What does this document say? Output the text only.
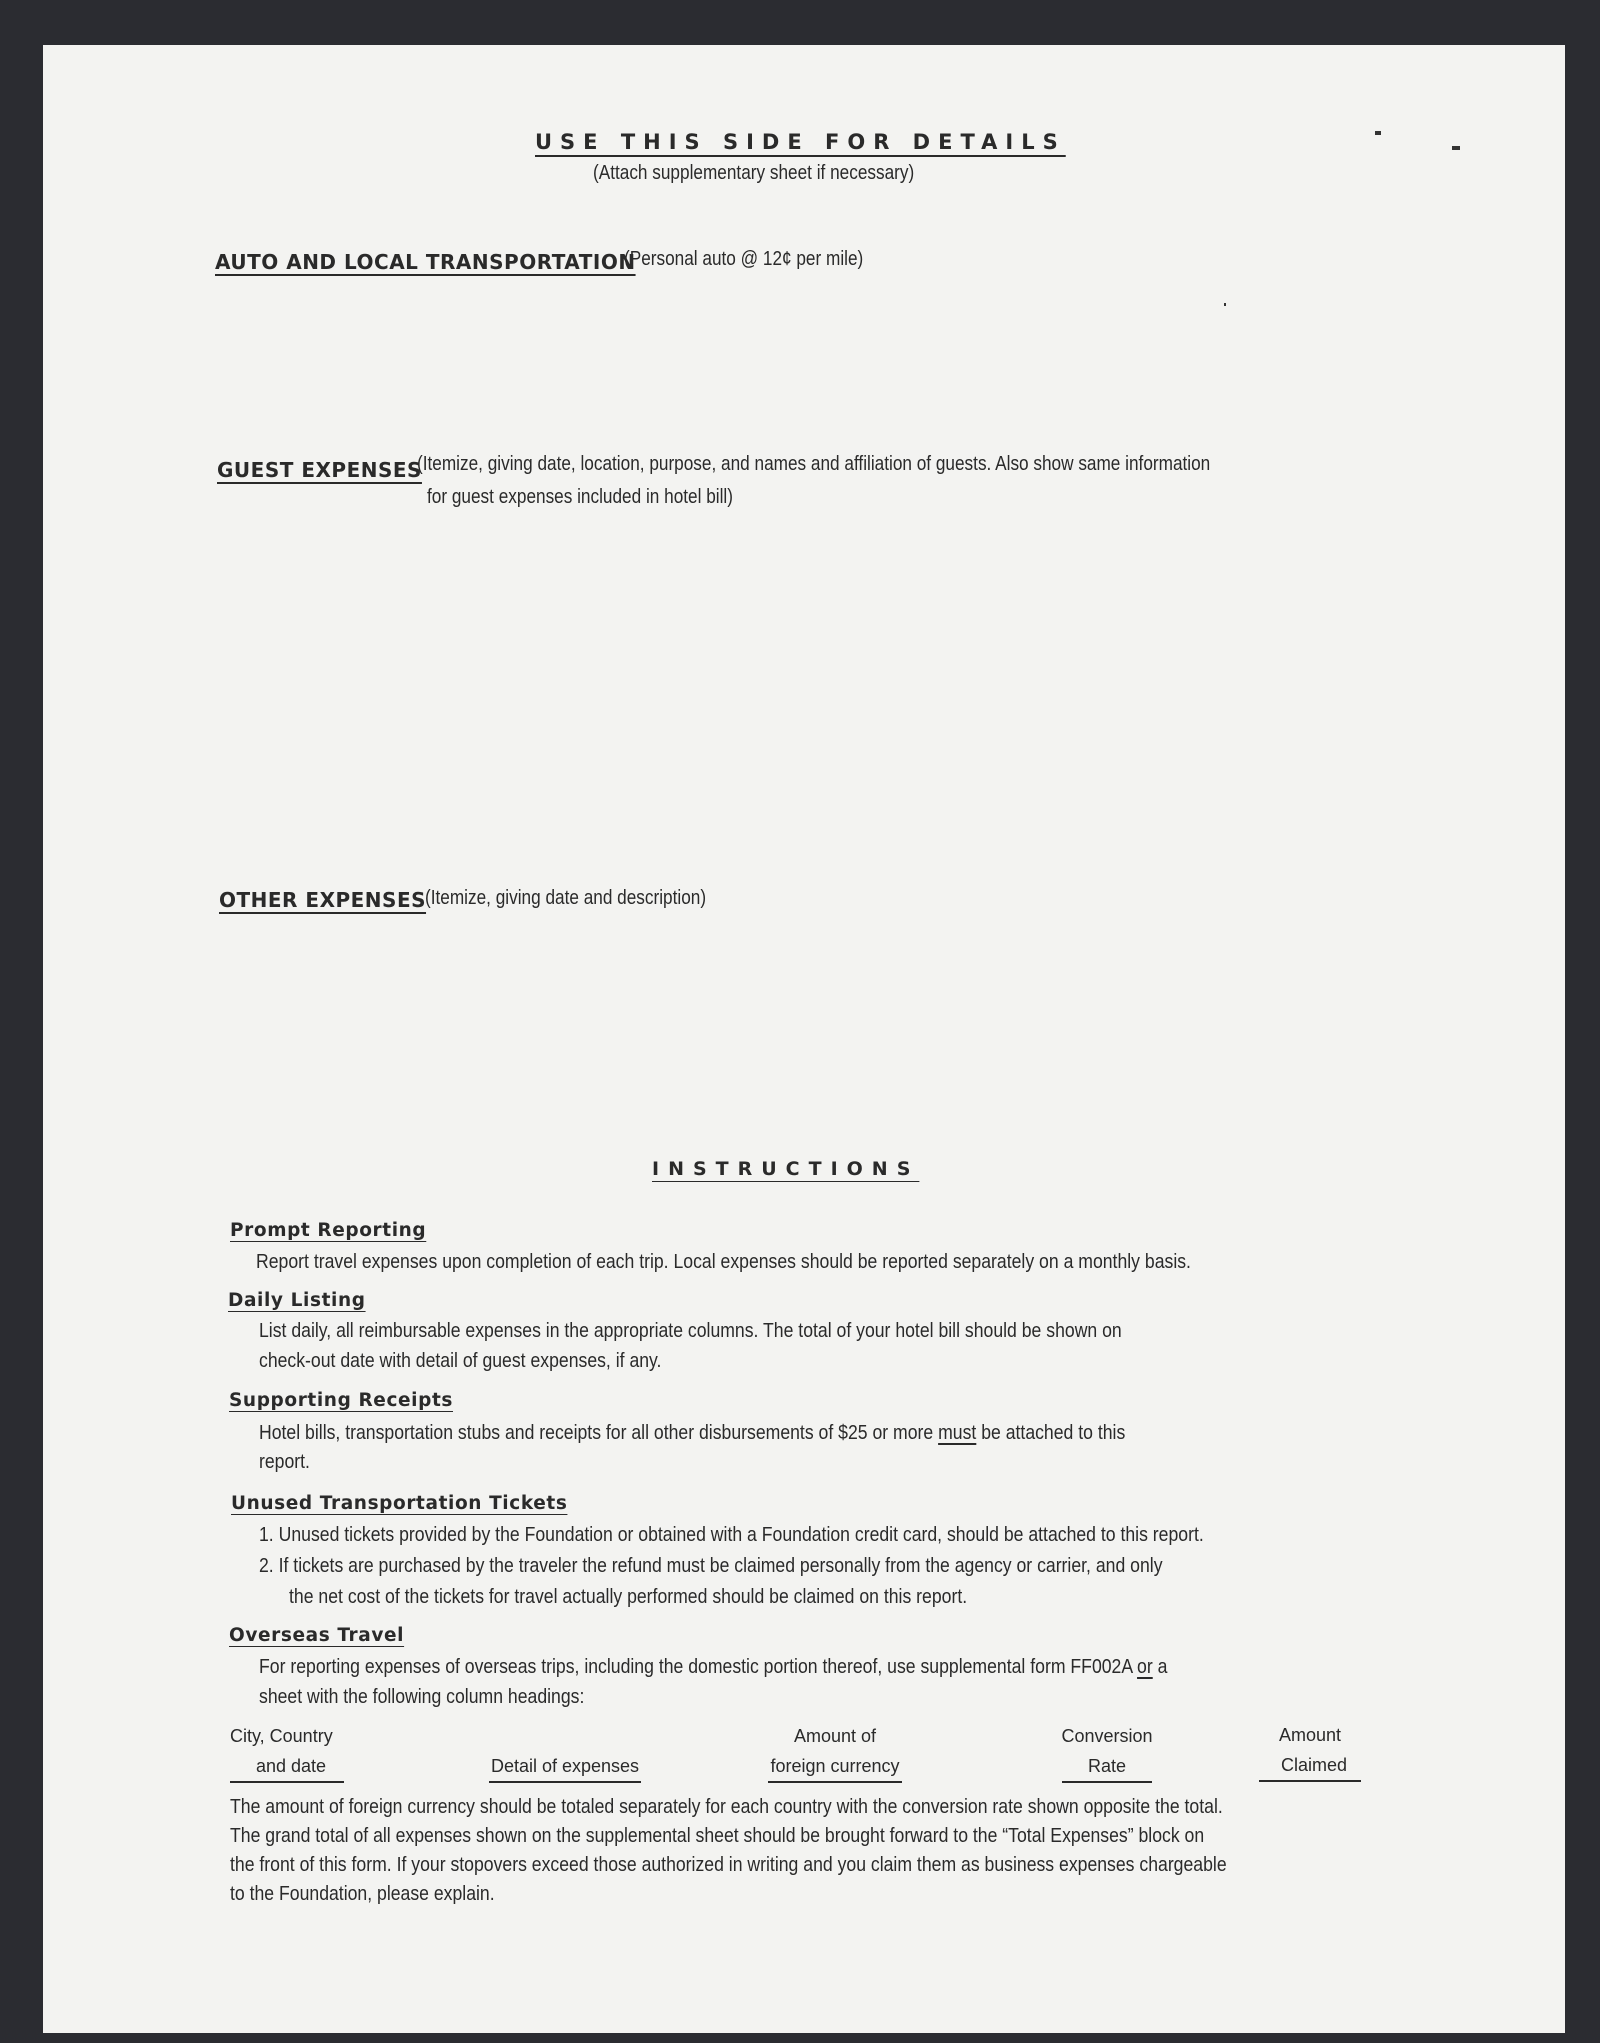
USE THIS SIDE FOR DETAILS
(Attach supplementary sheet if necessary)
AUTO AND LOCAL TRANSPORTATION
(Personal auto @ 12¢ per mile)
GUEST EXPENSES
(Itemize, giving date, location, purpose, and names and affiliation of guests. Also show same information
for guest expenses included in hotel bill)
OTHER EXPENSES
(Itemize, giving date and description)
INSTRUCTIONS
Prompt Reporting
Report travel expenses upon completion of each trip. Local expenses should be reported separately on a monthly basis.
Daily Listing
List daily, all reimbursable expenses in the appropriate columns. The total of your hotel bill should be shown on
check-out date with detail of guest expenses, if any.
Supporting Receipts
Hotel bills, transportation stubs and receipts for all other disbursements of $25 or more must be attached to this
report.
Unused Transportation Tickets
1. Unused tickets provided by the Foundation or obtained with a Foundation credit card, should be attached to this report.
2. If tickets are purchased by the traveler the refund must be claimed personally from the agency or carrier, and only
the net cost of the tickets for travel actually performed should be claimed on this report.
Overseas Travel
For reporting expenses of overseas trips, including the domestic portion thereof, use supplemental form FF002A or a
sheet with the following column headings:
City, Country
and date
	Detail of expenses
Amount of
foreign currency
Conversion
Rate
Amount
Claimed
The amount of foreign currency should be totaled separately for each country with the conversion rate shown opposite the total.
The grand total of all expenses shown on the supplemental sheet should be brought forward to the “Total Expenses” block on
the front of this form. If your stopovers exceed those authorized in writing and you claim them as business expenses chargeable
to the Foundation, please explain.
